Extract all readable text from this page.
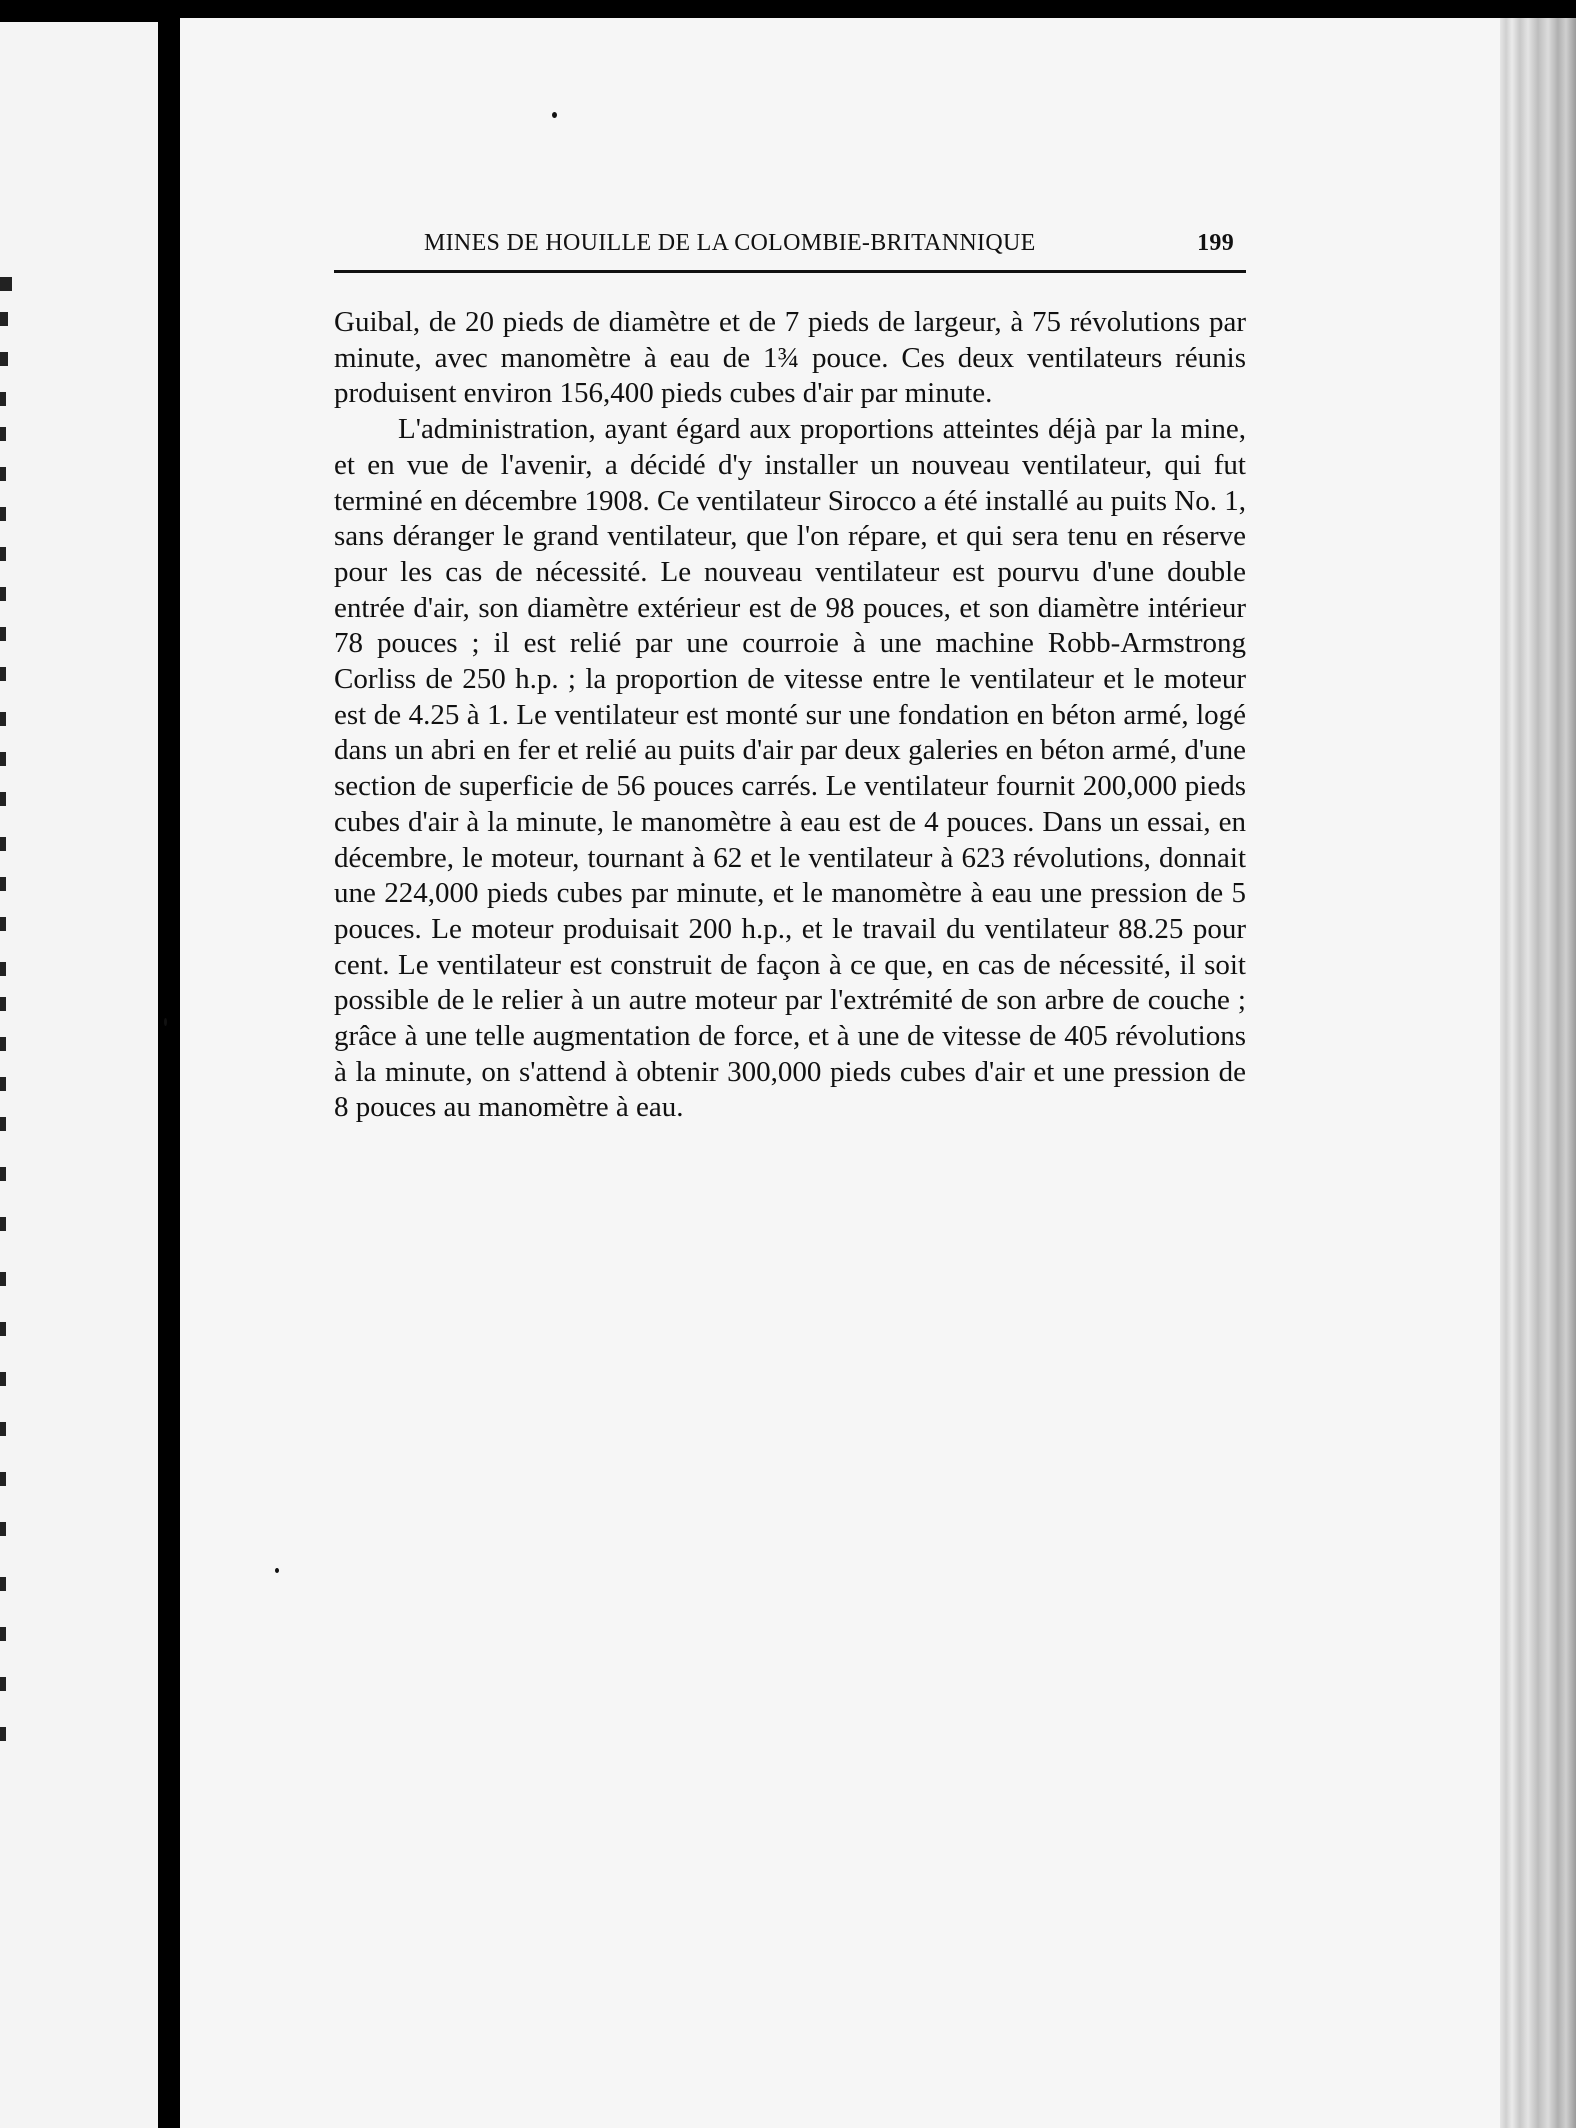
MINES DE HOUILLE DE LA COLOMBIE-BRITANNIQUE	199

Guibal, de 20 pieds de diamètre et de 7 pieds de largeur, à 75 révolutions par minute, avec manomètre à eau de 1¾ pouce. Ces deux ventilateurs réunis produisent environ 156,400 pieds cubes d'air par minute.

L'administration, ayant égard aux proportions atteintes déjà par la mine, et en vue de l'avenir, a décidé d'y installer un nouveau ventilateur, qui fut terminé en décembre 1908. Ce ventilateur Sirocco a été installé au puits No. 1, sans déranger le grand ventilateur, que l'on répare, et qui sera tenu en réserve pour les cas de nécessité. Le nouveau ventilateur est pourvu d'une double entrée d'air, son diamètre extérieur est de 98 pouces, et son diamètre intérieur 78 pouces ; il est relié par une courroie à une machine Robb-Armstrong Corliss de 250 h.p. ; la proportion de vitesse entre le ventilateur et le moteur est de 4.25 à 1. Le ventilateur est monté sur une fondation en béton armé, logé dans un abri en fer et relié au puits d'air par deux galeries en béton armé, d'une section de superficie de 56 pouces carrés. Le ventilateur fournit 200,000 pieds cubes d'air à la minute, le manomètre à eau est de 4 pouces. Dans un essai, en décembre, le moteur, tournant à 62 et le ventilateur à 623 révolutions, donnait une 224,000 pieds cubes par minute, et le manomètre à eau une pression de 5 pouces. Le moteur produisait 200 h.p., et le travail du ventilateur 88.25 pour cent. Le ventilateur est construit de façon à ce que, en cas de nécessité, il soit possible de le relier à un autre moteur par l'extrémité de son arbre de couche ; grâce à une telle augmentation de force, et à une de vitesse de 405 révolutions à la minute, on s'attend à obtenir 300,000 pieds cubes d'air et une pression de 8 pouces au manomètre à eau.
